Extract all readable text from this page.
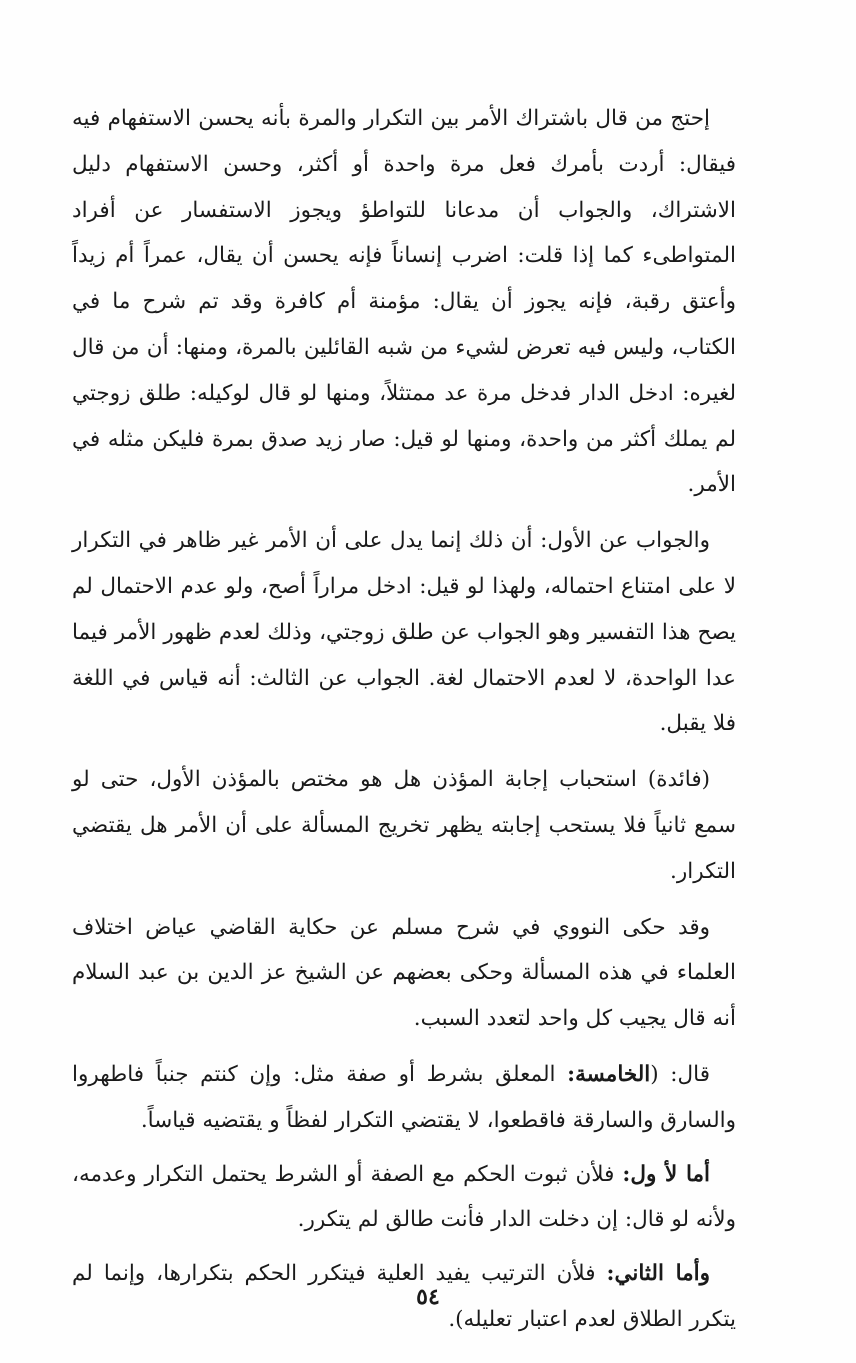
إحتج من قال باشتراك الأمر بين التكرار والمرة بأنه يحسن الاستفهام فيه فيقال: أردت بأمرك فعل مرة واحدة أو أكثر، وحسن الاستفهام دليل الاشتراك، والجواب أن مدعانا للتواطؤ ويجوز الاستفسار عن أفراد المتواطىء كما إذا قلت: اضرب إنساناً فإنه يحسن أن يقال، عمراً أم زيداً وأعتق رقبة، فإنه يجوز أن يقال: مؤمنة أم كافرة وقد تم شرح ما في الكتاب، وليس فيه تعرض لشيء من شبه القائلين بالمرة، ومنها: أن من قال لغيره: ادخل الدار فدخل مرة عد ممتثلاً، ومنها لو قال لوكيله: طلق زوجتي لم يملك أكثر من واحدة، ومنها لو قيل: صار زيد صدق بمرة فليكن مثله في الأمر.

والجواب عن الأول: أن ذلك إنما يدل على أن الأمر غير ظاهر في التكرار لا على امتناع احتماله، ولهذا لو قيل: ادخل مراراً أصح، ولو عدم الاحتمال لم يصح هذا التفسير وهو الجواب عن طلق زوجتي، وذلك لعدم ظهور الأمر فيما عدا الواحدة، لا لعدم الاحتمال لغة. الجواب عن الثالث: أنه قياس في اللغة فلا يقبل.

(فائدة) استحباب إجابة المؤذن هل هو مختص بالمؤذن الأول، حتى لو سمع ثانياً فلا يستحب إجابته يظهر تخريج المسألة على أن الأمر هل يقتضي التكرار.

وقد حكى النووي في شرح مسلم عن حكاية القاضي عياض اختلاف العلماء في هذه المسألة وحكى بعضهم عن الشيخ عز الدين بن عبد السلام أنه قال يجيب كل واحد لتعدد السبب.

قال: (الخامسة: المعلق بشرط أو صفة مثل: وإن كنتم جنباً فاطهروا والسارق والسارقة فاقطعوا، لا يقتضي التكرار لفظاً و يقتضيه قياساً.

أما لأ ول: فلأن ثبوت الحكم مع الصفة أو الشرط يحتمل التكرار وعدمه، ولأنه لو قال: إن دخلت الدار فأنت طالق لم يتكرر.

وأما الثاني: فلأن الترتيب يفيد العلية فيتكرر الحكم بتكرارها، وإنما لم يتكرر الطلاق لعدم اعتبار تعليله).

٥٤
